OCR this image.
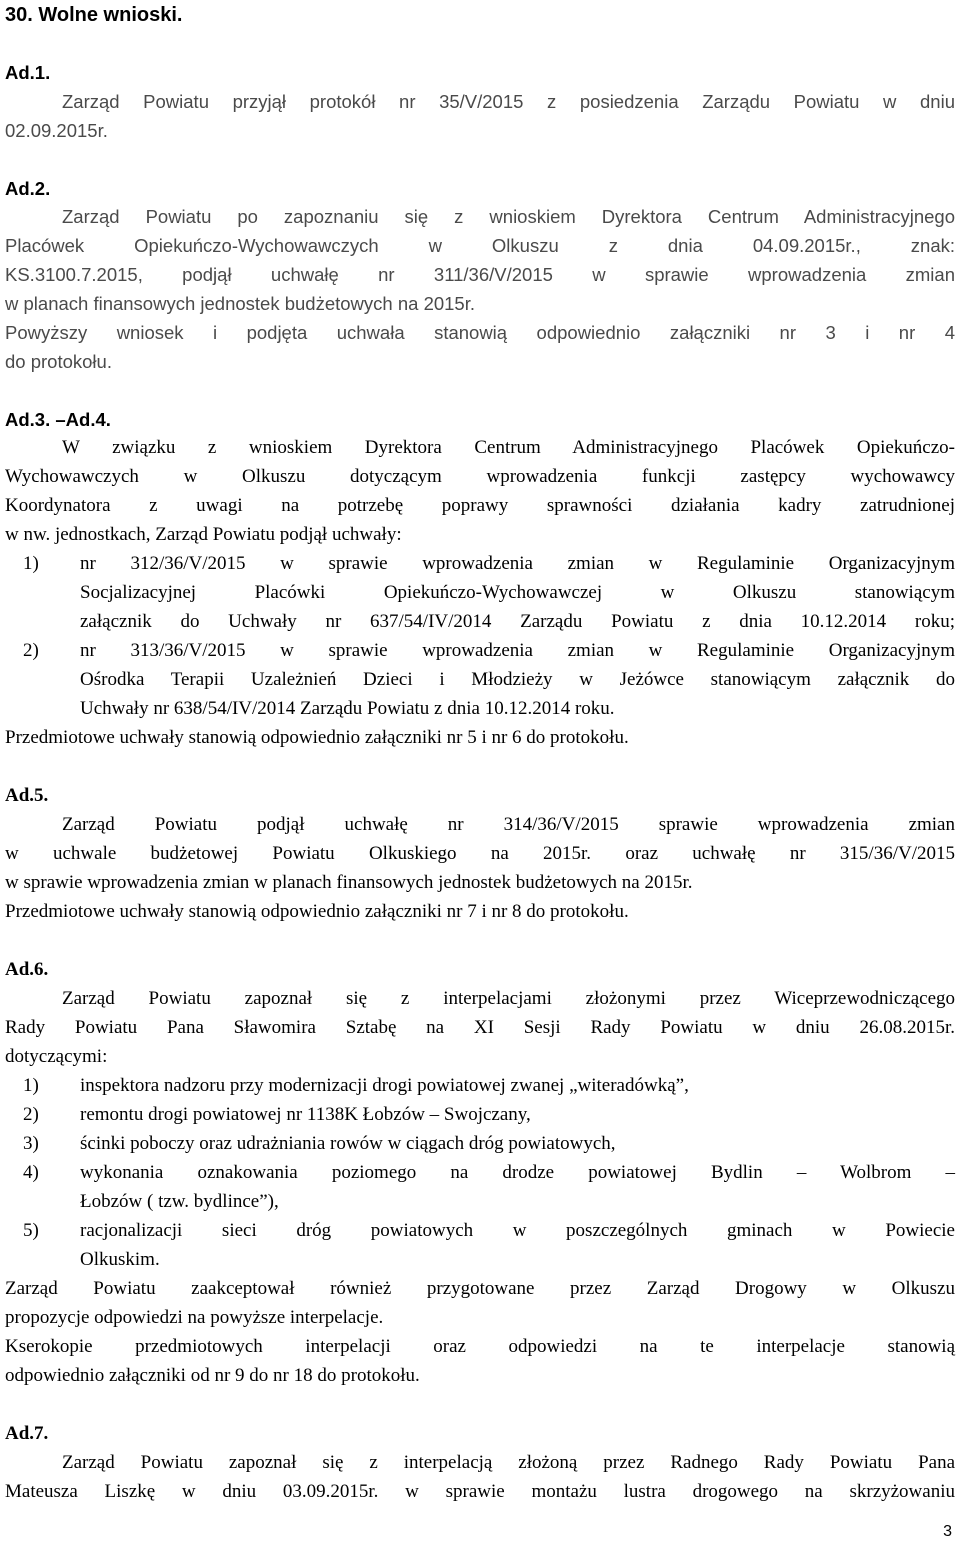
30. Wolne wnioski.
Ad.1.
Zarząd Powiatu przyjął protokół nr 35/V/2015 z posiedzenia Zarządu Powiatu w dniu
02.09.2015r.
Ad.2.
Zarząd Powiatu po zapoznaniu się z wnioskiem Dyrektora Centrum Administracyjnego
Placówek Opiekuńczo-Wychowawczych w Olkuszu z dnia 04.09.2015r., znak:
KS.3100.7.2015, podjął uchwałę nr 311/36/V/2015 w sprawie wprowadzenia zmian
w planach finansowych jednostek budżetowych na 2015r.
Powyższy wniosek i podjęta uchwała stanowią odpowiednio załączniki nr 3 i nr 4
do protokołu.
Ad.3. –Ad.4.
W związku z wnioskiem Dyrektora Centrum Administracyjnego Placówek Opiekuńczo-
Wychowawczych w Olkuszu dotyczącym wprowadzenia funkcji zastępcy wychowawcy
Koordynatora z uwagi na potrzebę poprawy sprawności działania kadry zatrudnionej
w nw. jednostkach, Zarząd Powiatu podjął uchwały:
1) nr 312/36/V/2015 w sprawie wprowadzenia zmian w Regulaminie Organizacyjnym
Socjalizacyjnej Placówki Opiekuńczo-Wychowawczej w Olkuszu stanowiącym
załącznik do Uchwały nr 637/54/IV/2014 Zarządu Powiatu z dnia 10.12.2014 roku;
2) nr 313/36/V/2015 w sprawie wprowadzenia zmian w Regulaminie Organizacyjnym
Ośrodka Terapii Uzależnień Dzieci i Młodzieży w Jeżówce stanowiącym załącznik do
Uchwały nr 638/54/IV/2014 Zarządu Powiatu z dnia 10.12.2014 roku.
Przedmiotowe uchwały stanowią odpowiednio załączniki nr 5 i nr 6 do protokołu.
Ad.5.
Zarząd Powiatu podjął uchwałę nr 314/36/V/2015 sprawie wprowadzenia zmian
w uchwale budżetowej Powiatu Olkuskiego na 2015r. oraz uchwałę nr 315/36/V/2015
w sprawie wprowadzenia zmian w planach finansowych jednostek budżetowych na 2015r.
Przedmiotowe uchwały stanowią odpowiednio załączniki nr 7 i nr 8 do protokołu.
Ad.6.
Zarząd Powiatu zapoznał się z interpelacjami złożonymi przez Wiceprzewodniczącego
Rady Powiatu Pana Sławomira Sztabę na XI Sesji Rady Powiatu w dniu 26.08.2015r.
dotyczącymi:
1) inspektora nadzoru przy modernizacji drogi powiatowej zwanej „witeradówką”,
2) remontu drogi powiatowej nr 1138K Łobzów – Swojczany,
3) ścinki poboczy oraz udrażniania rowów w ciągach dróg powiatowych,
4) wykonania oznakowania poziomego na drodze powiatowej Bydlin – Wolbrom –
Łobzów ( tzw. bydlince”),
5) racjonalizacji sieci dróg powiatowych w poszczególnych gminach w Powiecie
Olkuskim.
Zarząd Powiatu zaakceptował również przygotowane przez Zarząd Drogowy w Olkuszu
propozycje odpowiedzi na powyższe interpelacje.
Kserokopie przedmiotowych interpelacji oraz odpowiedzi na te interpelacje stanowią
odpowiednio załączniki od nr 9 do nr 18 do protokołu.
Ad.7.
Zarząd Powiatu zapoznał się z interpelacją złożoną przez Radnego Rady Powiatu Pana
Mateusza Liszkę w dniu 03.09.2015r. w sprawie montażu lustra drogowego na skrzyżowaniu
3
